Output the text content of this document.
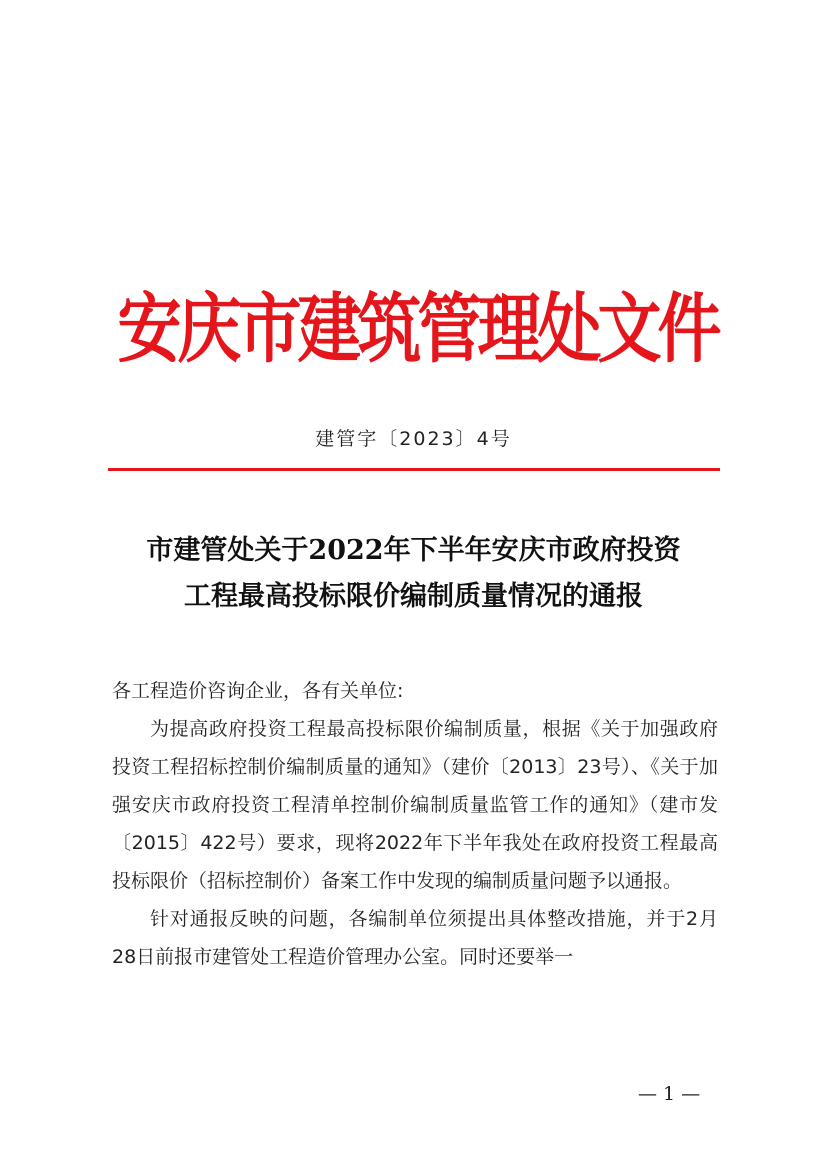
安庆市建筑管理处文件
建管字〔2023〕4号
市建管处关于2022年下半年安庆市政府投资
工程最高投标限价编制质量情况的通报

各工程造价咨询企业，各有关单位:

为提高政府投资工程最高投标限价编制质量，根据《关于加强政府投资工程招标控制价编制质量的通知》（建价〔2013〕23号）、《关于加强安庆市政府投资工程清单控制价编制质量监管工作的通知》（建市发〔2015〕422号）要求，现将2022年下半年我处在政府投资工程最高投标限价（招标控制价）备案工作中发现的编制质量问题予以通报。

针对通报反映的问题，各编制单位须提出具体整改措施，并于2月28日前报市建管处工程造价管理办公室。同时还要举一

— 1 —
